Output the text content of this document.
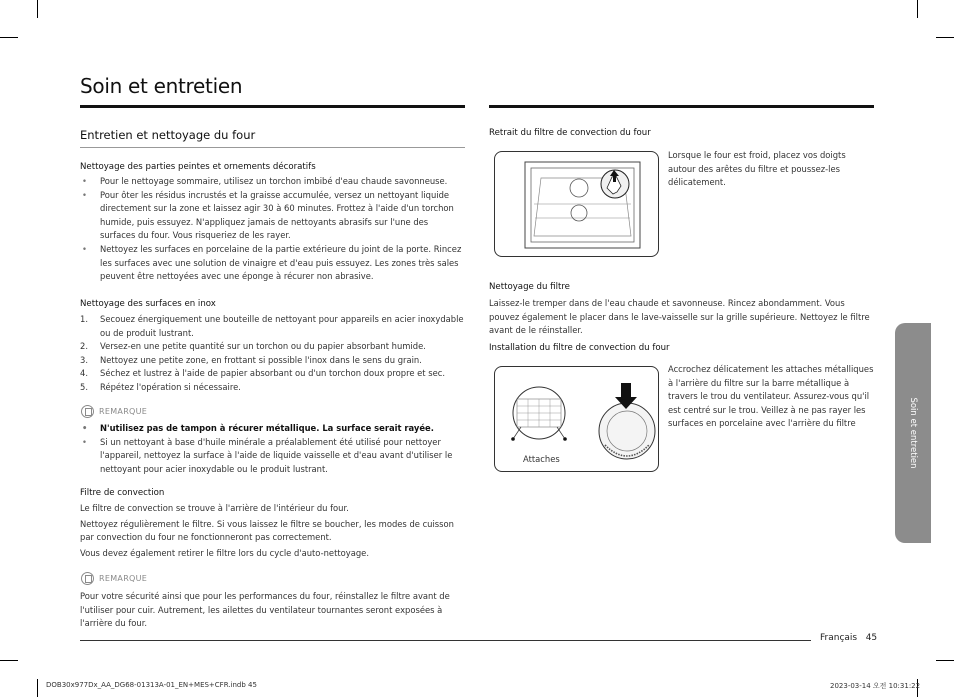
Soin et entretien
Entretien et nettoyage du four
Nettoyage des parties peintes et ornements décoratifs
• Pour le nettoyage sommaire, utilisez un torchon imbibé d'eau chaude savonneuse.
• Pour ôter les résidus incrustés et la graisse accumulée, versez un nettoyant liquide directement sur la zone et laissez agir 30 à 60 minutes. Frottez à l'aide d'un torchon humide, puis essuyez. N'appliquez jamais de nettoyants abrasifs sur l'une des surfaces du four. Vous risqueriez de les rayer.
• Nettoyez les surfaces en porcelaine de la partie extérieure du joint de la porte. Rincez les surfaces avec une solution de vinaigre et d'eau puis essuyez. Les zones très sales peuvent être nettoyées avec une éponge à récurer non abrasive.
Nettoyage des surfaces en inox
1. Secouez énergiquement une bouteille de nettoyant pour appareils en acier inoxydable ou de produit lustrant.
2. Versez-en une petite quantité sur un torchon ou du papier absorbant humide.
3. Nettoyez une petite zone, en frottant si possible l'inox dans le sens du grain.
4. Séchez et lustrez à l'aide de papier absorbant ou d'un torchon doux propre et sec.
5. Répétez l'opération si nécessaire.
REMARQUE
• N'utilisez pas de tampon à récurer métallique. La surface serait rayée.
• Si un nettoyant à base d'huile minérale a préalablement été utilisé pour nettoyer l'appareil, nettoyez la surface à l'aide de liquide vaisselle et d'eau avant d'utiliser le nettoyant pour acier inoxydable ou le produit lustrant.
Filtre de convection
Le filtre de convection se trouve à l'arrière de l'intérieur du four.
Nettoyez régulièrement le filtre. Si vous laissez le filtre se boucher, les modes de cuisson par convection du four ne fonctionneront pas correctement.
Vous devez également retirer le filtre lors du cycle d'auto-nettoyage.
REMARQUE
Pour votre sécurité ainsi que pour les performances du four, réinstallez le filtre avant de l'utiliser pour cuir. Autrement, les ailettes du ventilateur tournantes seront exposées à l'arrière du four.
Retrait du filtre de convection du four
Lorsque le four est froid, placez vos doigts autour des arêtes du filtre et poussez-les délicatement.
Nettoyage du filtre
Laissez-le tremper dans de l'eau chaude et savonneuse. Rincez abondamment. Vous pouvez également le placer dans le lave-vaisselle sur la grille supérieure. Nettoyez le filtre avant de le réinstaller.
Installation du filtre de convection du four
Attaches
Accrochez délicatement les attaches métalliques à l'arrière du filtre sur la barre métallique à travers le trou du ventilateur. Assurez-vous qu'il est centré sur le trou. Veillez à ne pas rayer les surfaces en porcelaine avec l'arrière du filtre	Soin et entretien
Français 45
DOB30x977Dx_AA_DG68-01313A-01_EN+MES+CFR.indb 45	2023-03-14 오전 10:31:22
